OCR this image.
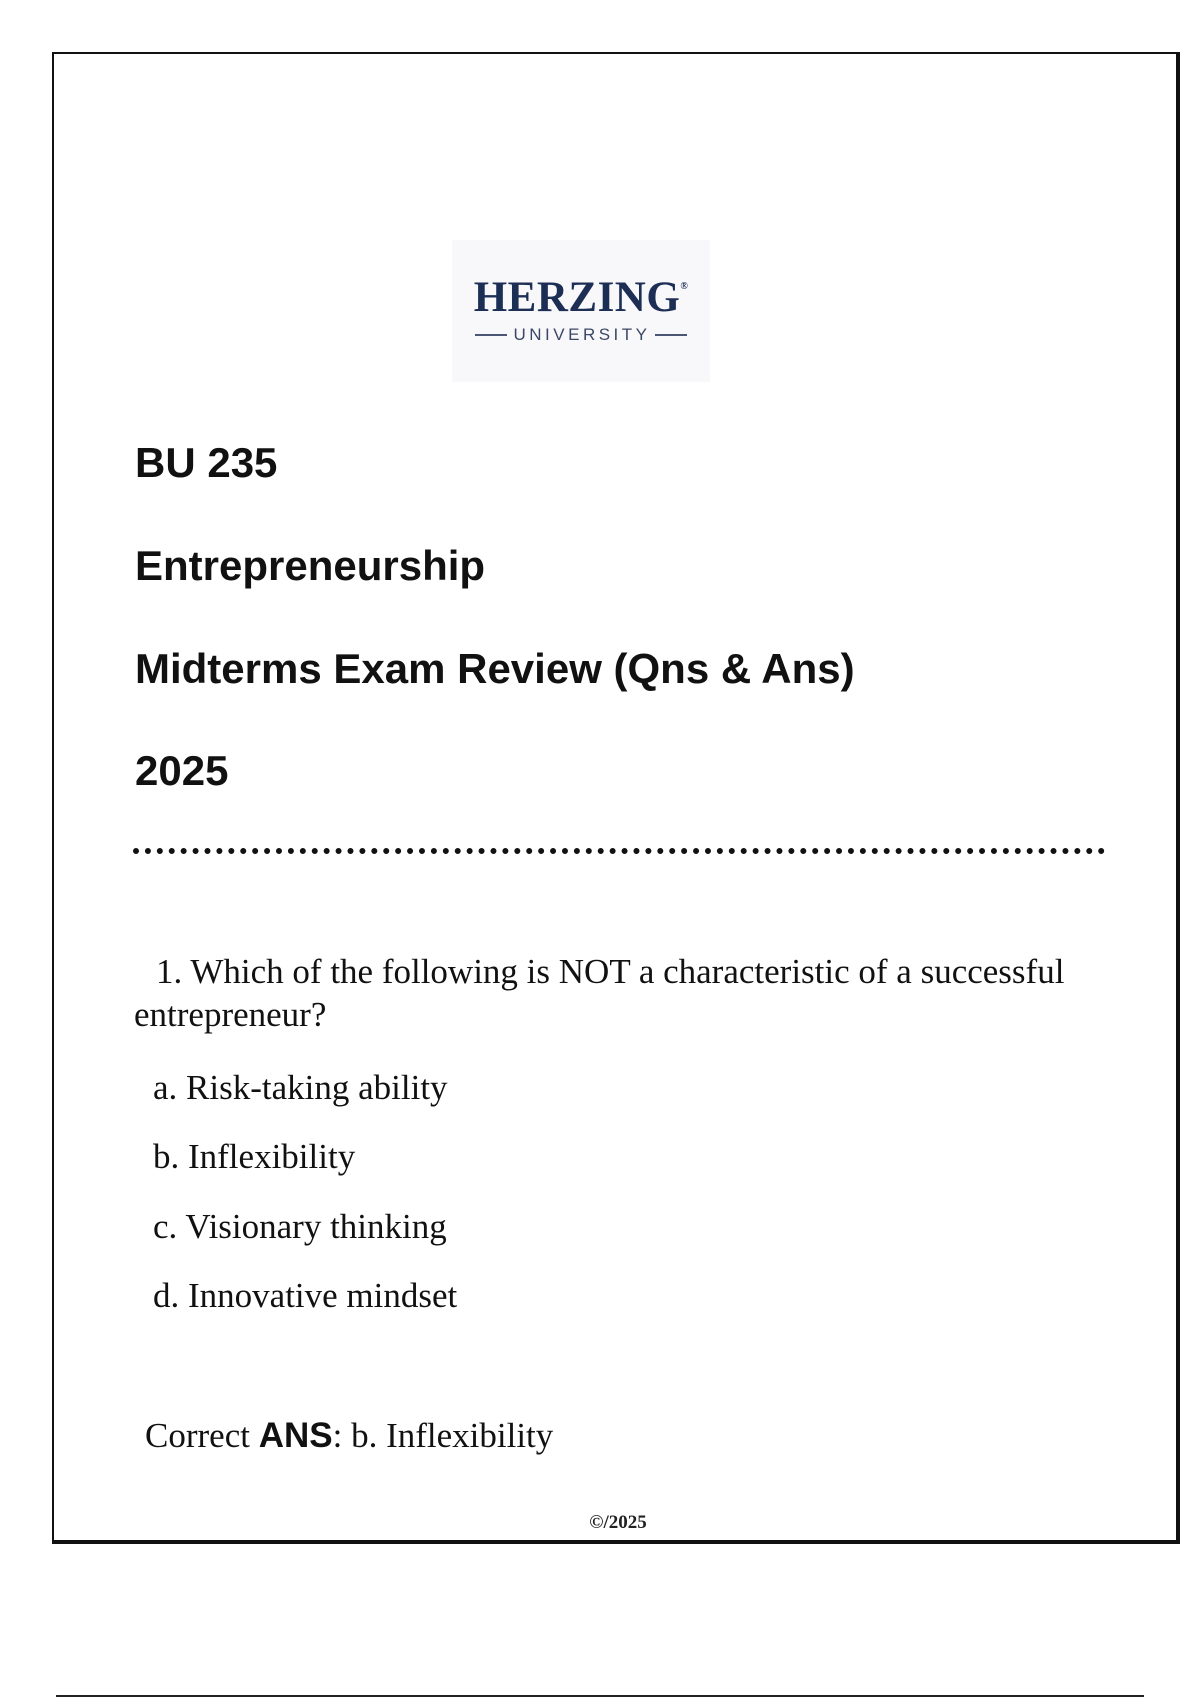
HERZING®
UNIVERSITY
BU 235
Entrepreneurship
Midterms Exam Review (Qns & Ans)
2025
1. Which of the following is NOT a characteristic of a successful entrepreneur?
a. Risk-taking ability
b. Inflexibility
c. Visionary thinking
d. Innovative mindset
Correct ANS: b. Inflexibility
©/2025
